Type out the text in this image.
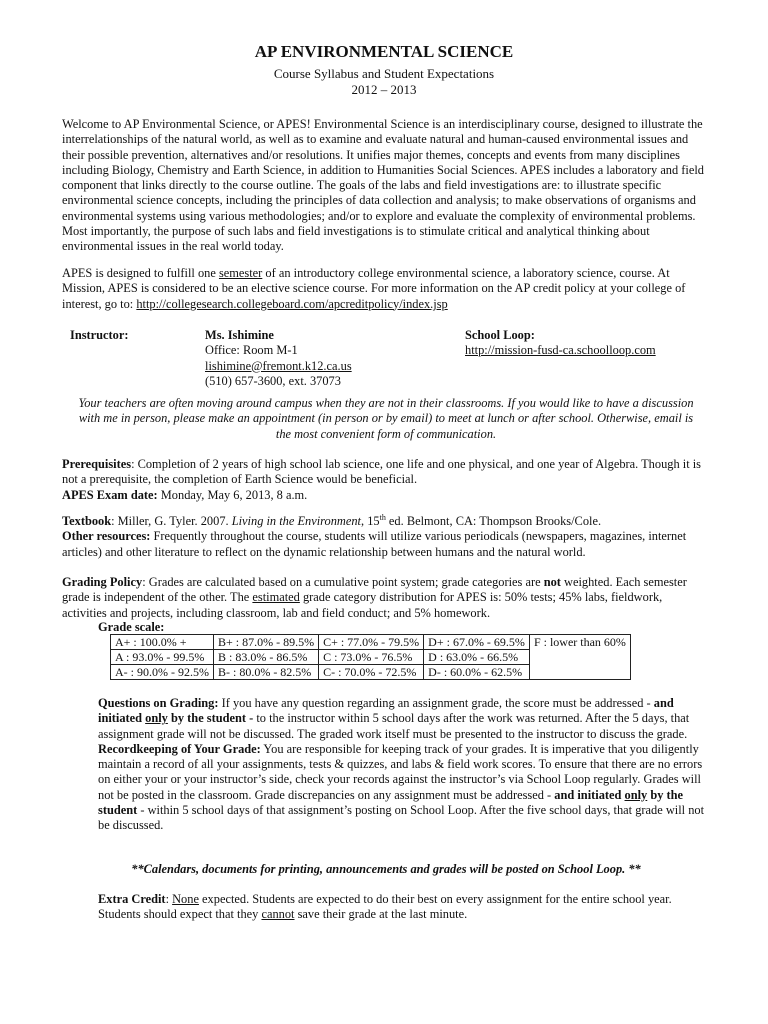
AP ENVIRONMENTAL SCIENCE
Course Syllabus and Student Expectations
2012 – 2013

Welcome to AP Environmental Science, or APES! Environmental Science is an interdisciplinary course, designed to illustrate the interrelationships of the natural world, as well as to examine and evaluate natural and human-caused environmental issues and their possible prevention, alternatives and/or resolutions. It unifies major themes, concepts and events from many disciplines including Biology, Chemistry and Earth Science, in addition to Humanities Social Sciences. APES includes a laboratory and field component that links directly to the course outline. The goals of the labs and field investigations are: to illustrate specific environmental science concepts, including the principles of data collection and analysis; to make observations of organisms and environmental systems using various methodologies; and/or to explore and evaluate the complexity of environmental problems. Most importantly, the purpose of such labs and field investigations is to stimulate critical and analytical thinking about environmental issues in the real world today.

APES is designed to fulfill one semester of an introductory college environmental science, a laboratory science, course. At Mission, APES is considered to be an elective science course. For more information on the AP credit policy at your college of interest, go to: http://collegesearch.collegeboard.com/apcreditpolicy/index.jsp

Instructor:	Ms. Ishimine
Office: Room M-1
lishimine@fremont.k12.ca.us
(510) 657-3600, ext. 37073
School Loop:
http://mission-fusd-ca.schoolloop.com
Your teachers are often moving around campus when they are not in their classrooms. If you would like to have a discussion with me in person, please make an appointment (in person or by email) to meet at lunch or after school. Otherwise, email is the most convenient form of communication.

Prerequisites: Completion of 2 years of high school lab science, one life and one physical, and one year of Algebra. Though it is not a prerequisite, the completion of Earth Science would be beneficial.

APES Exam date: Monday, May 6, 2013, 8 a.m.

Textbook: Miller, G. Tyler. 2007. Living in the Environment, 15th ed. Belmont, CA: Thompson Brooks/Cole.

Other resources: Frequently throughout the course, students will utilize various periodicals (newspapers, magazines, internet articles) and other literature to reflect on the dynamic relationship between humans and the natural world.

Grading Policy: Grades are calculated based on a cumulative point system; grade categories are not weighted. Each semester grade is independent of the other. The estimated grade category distribution for APES is: 50% tests; 45% labs, fieldwork, activities and projects, including classroom, lab and field conduct; and 5% homework.

Grade scale:
A+ : 100.0% +	B+ : 87.0% - 89.5%	C+ : 77.0% - 79.5%	D+ : 67.0% - 69.5%	F : lower than 60%
A : 93.0% - 99.5%	B : 83.0% - 86.5%	C : 73.0% - 76.5%	D : 63.0% - 66.5%	
A- : 90.0% - 92.5%	B- : 80.0% - 82.5%	C- : 70.0% - 72.5%	D- : 60.0% - 62.5%	

Questions on Grading: If you have any question regarding an assignment grade, the score must be addressed - and initiated only by the student - to the instructor within 5 school days after the work was returned. After the 5 days, that assignment grade will not be discussed. The graded work itself must be presented to the instructor to discuss the grade.

Recordkeeping of Your Grade: You are responsible for keeping track of your grades. It is imperative that you diligently maintain a record of all your assignments, tests & quizzes, and labs & field work scores. To ensure that there are no errors on either your or your instructor’s side, check your records against the instructor’s via School Loop regularly. Grades will not be posted in the classroom. Grade discrepancies on any assignment must be addressed - and initiated only by the student - within 5 school days of that assignment’s posting on School Loop. After the five school days, that grade will not be discussed.

**Calendars, documents for printing, announcements and grades will be posted on School Loop. **

Extra Credit: None expected. Students are expected to do their best on every assignment for the entire school year. Students should expect that they cannot save their grade at the last minute.
